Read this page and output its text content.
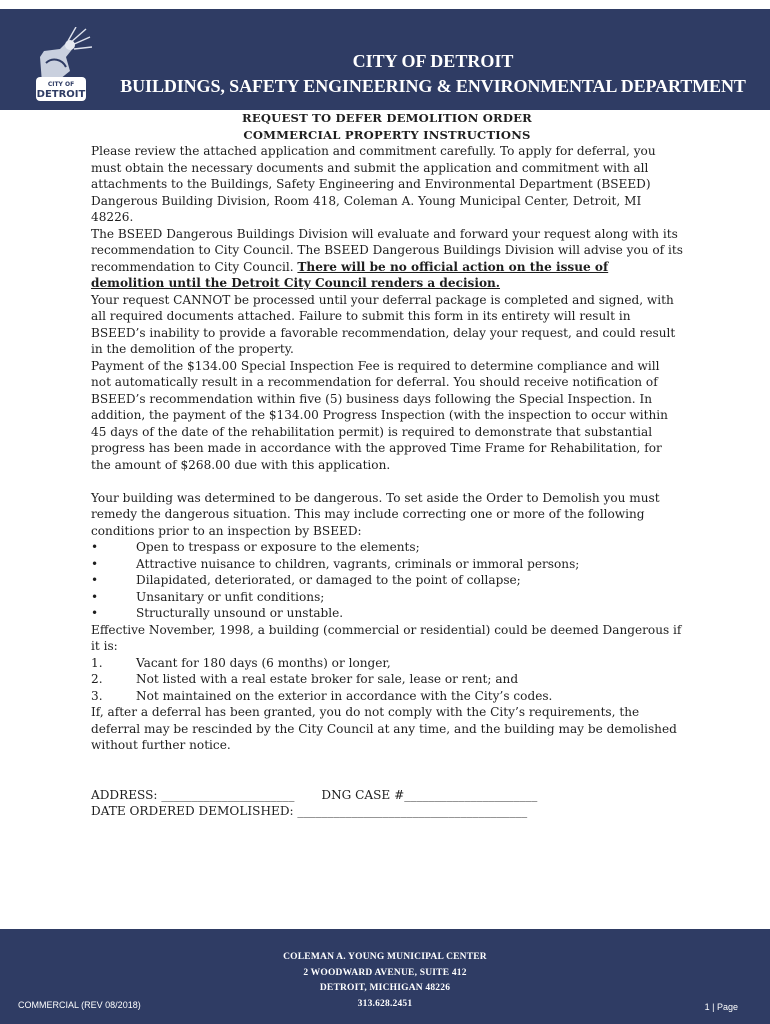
CITY OF
DETROIT
CITY OF DETROIT
BUILDINGS, SAFETY ENGINEERING & ENVIRONMENTAL DEPARTMENT
REQUEST TO DEFER DEMOLITION ORDER
COMMERCIAL PROPERTY INSTRUCTIONS

Please review the attached application and commitment carefully. To apply for deferral, you must obtain the necessary documents and submit the application and commitment with all attachments to the Buildings, Safety Engineering and Environmental Department (BSEED) Dangerous Building Division, Room 418, Coleman A. Young Municipal Center, Detroit, MI 48226.

The BSEED Dangerous Buildings Division will evaluate and forward your request along with its recommendation to City Council. The BSEED Dangerous Buildings Division will advise you of its recommendation to City Council. There will be no official action on the issue of demolition until the Detroit City Council renders a decision.

Your request CANNOT be processed until your deferral package is completed and signed, with all required documents attached. Failure to submit this form in its entirety will result in BSEED’s inability to provide a favorable recommendation, delay your request, and could result in the demolition of the property.

Payment of the $134.00 Special Inspection Fee is required to determine compliance and will not automatically result in a recommendation for deferral. You should receive notification of BSEED’s recommendation within five (5) business days following the Special Inspection. In addition, the payment of the $134.00 Progress Inspection (with the inspection to occur within 45 days of the date of the rehabilitation permit) is required to demonstrate that substantial progress has been made in accordance with the approved Time Frame for Rehabilitation, for the amount of $268.00 due with this application.

Your building was determined to be dangerous. To set aside the Order to Demolish you must remedy the dangerous situation. This may include correcting one or more of the following conditions prior to an inspection by BSEED:

•	Open to trespass or exposure to the elements;
•	Attractive nuisance to children, vagrants, criminals or immoral persons;
•	Dilapidated, deteriorated, or damaged to the point of collapse;
•	Unsanitary or unfit conditions;
•	Structurally unsound or unstable.

Effective November, 1998, a building (commercial or residential) could be deemed Dangerous if it is:

1.	Vacant for 180 days (6 months) or longer,
2.	Not listed with a real estate broker for sale, lease or rent; and
3.	Not maintained on the exterior in accordance with the City’s codes.

If, after a deferral has been granted, you do not comply with the City’s requirements, the deferral may be rescinded by the City Council at any time, and the building may be demolished without further notice.

ADDRESS: ______________________ DNG CASE #______________________
DATE ORDERED DEMOLISHED: ______________________________________
COLEMAN A. YOUNG MUNICIPAL CENTER
2 WOODWARD AVENUE, SUITE 412
DETROIT, MICHIGAN 48226
313.628.2451
COMMERCIAL (REV 08/2018)	1 | Page
